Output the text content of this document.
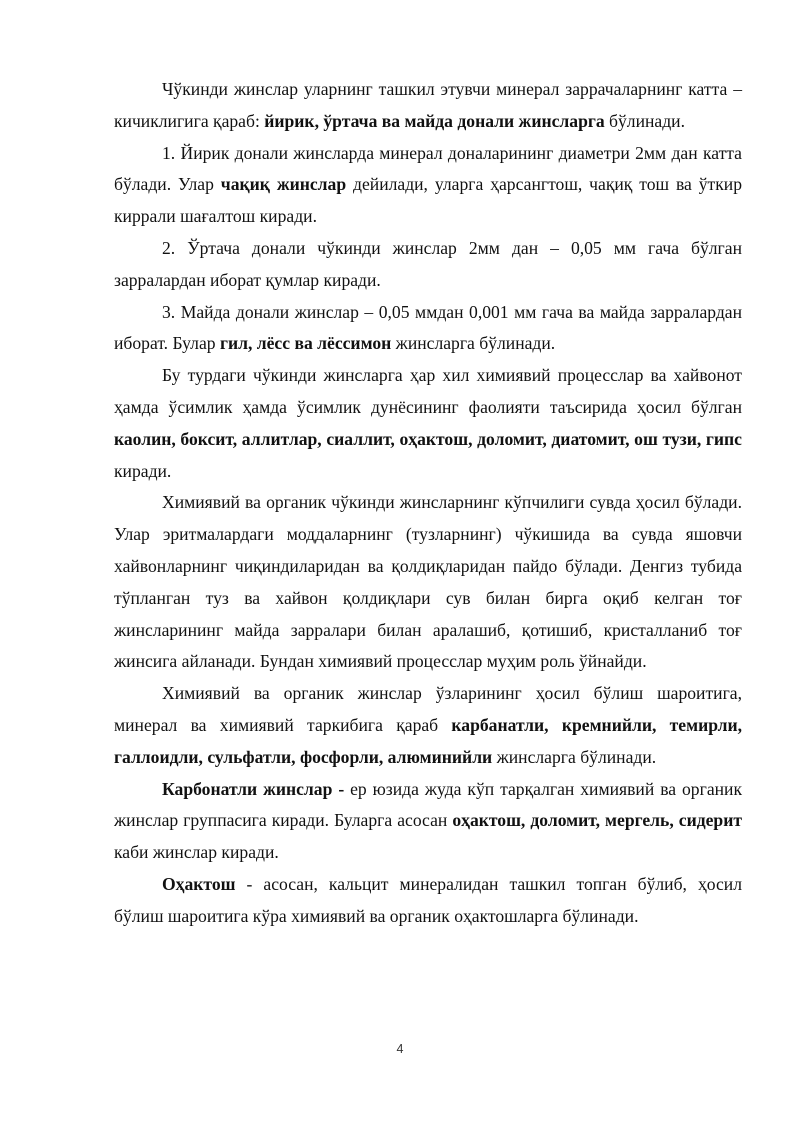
Чўкинди жинслар уларнинг ташкил этувчи минерал заррачаларнинг катта – кичиклигига қараб: йирик, ўртача ва майда донали жинсларга бўлинади.

1. Йирик донали жинсларда минерал доналарининг диаметри 2мм дан катта бўлади. Улар чақиқ жинслар дейилади, уларга ҳарсангтош, чақиқ тош ва ўткир киррали шағалтош киради.

2. Ўртача донали чўкинди жинслар 2мм дан – 0,05 мм гача бўлган зарралардан иборат қумлар киради.

3. Майда донали жинслар – 0,05 ммдан 0,001 мм гача ва майда зарралардан иборат. Булар гил, лёсс ва лёссимон жинсларга бўлинади.

Бу турдаги чўкинди жинсларга ҳар хил химиявий процесслар ва хайвонот ҳамда ўсимлик ҳамда ўсимлик дунёсининг фаолияти таъсирида ҳосил бўлган каолин, боксит, аллитлар, сиаллит, оҳактош, доломит, диатомит, ош тузи, гипс киради.

Химиявий ва органик чўкинди жинсларнинг кўпчилиги сувда ҳосил бўлади. Улар эритмалардаги моддаларнинг (тузларнинг) чўкишида ва сувда яшовчи хайвонларнинг чиқиндиларидан ва қолдиқларидан пайдо бўлади. Денгиз тубида тўпланган туз ва хайвон қолдиқлари сув билан бирга оқиб келган тоғ жинсларининг майда зарралари билан аралашиб, қотишиб, кристалланиб тоғ жинсига айланади. Бундан химиявий процесслар муҳим роль ўйнайди.

Химиявий ва органик жинслар ўзларининг ҳосил бўлиш шароитига, минерал ва химиявий таркибига қараб карбанатли, кремнийли, темирли, галлоидли, сульфатли, фосфорли, алюминийли жинсларга бўлинади.

Карбонатли жинслар - ер юзида жуда кўп тарқалган химиявий ва органик жинслар группасига киради. Буларга асосан оҳактош, доломит, мергель, сидерит каби жинслар киради.

Оҳактош - асосан, кальцит минералидан ташкил топган бўлиб, ҳосил бўлиш шароитига кўра химиявий ва органик оҳактошларга бўлинади.

4
